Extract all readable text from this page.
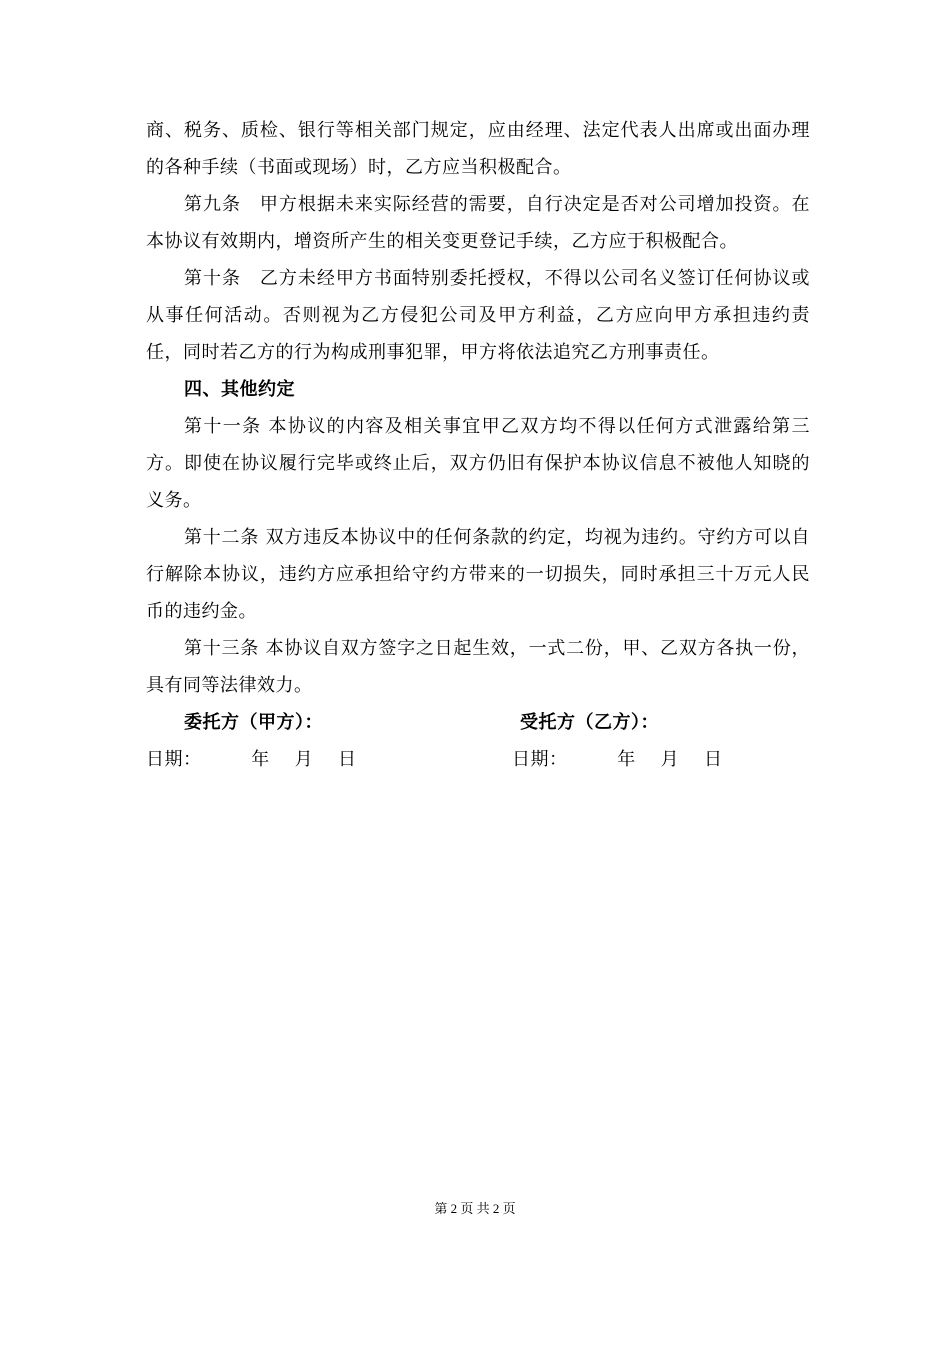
商、税务、质检、银行等相关部门规定，应由经理、法定代表人出席或出面办理的各种手续（书面或现场）时，乙方应当积极配合。

第九条　甲方根据未来实际经营的需要，自行决定是否对公司增加投资。在本协议有效期内，增资所产生的相关变更登记手续，乙方应于积极配合。

第十条　乙方未经甲方书面特别委托授权，不得以公司名义签订任何协议或从事任何活动。否则视为乙方侵犯公司及甲方利益，乙方应向甲方承担违约责任，同时若乙方的行为构成刑事犯罪，甲方将依法追究乙方刑事责任。

四、其他约定

第十一条 本协议的内容及相关事宜甲乙双方均不得以任何方式泄露给第三方。即使在协议履行完毕或终止后，双方仍旧有保护本协议信息不被他人知晓的义务。

第十二条 双方违反本协议中的任何条款的约定，均视为违约。守约方可以自行解除本协议，违约方应承担给守约方带来的一切损失，同时承担三十万元人民币的违约金。

第十三条 本协议自双方签字之日起生效，一式二份，甲、乙双方各执一份，具有同等法律效力。

委托方（甲方）：	受托方（乙方）：
日期：        年    月    日	日期：        年    月    日
第 2 页 共 2 页
